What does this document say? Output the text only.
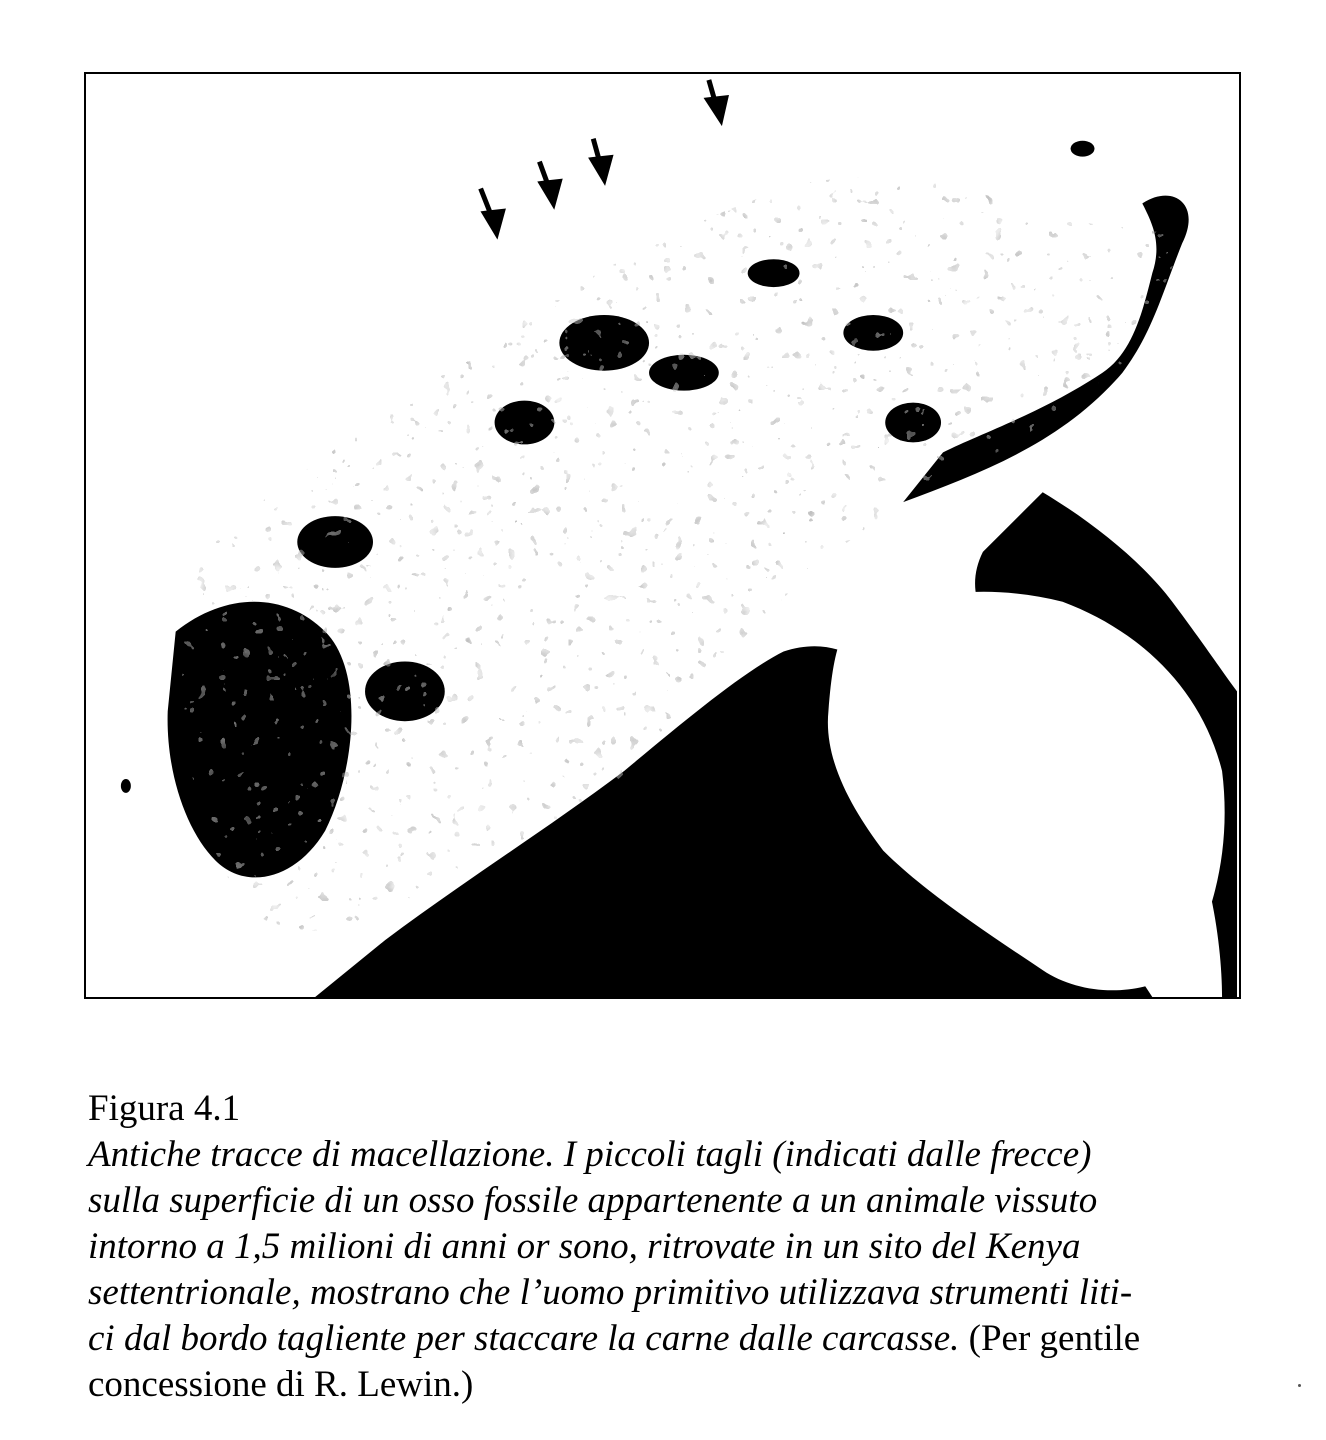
Figura 4.1
Antiche tracce di macellazione. I piccoli tagli (indicati dalle frecce)
sulla superficie di un osso fossile appartenente a un animale vissuto
intorno a 1,5 milioni di anni or sono, ritrovate in un sito del Kenya
settentrionale, mostrano che l’uomo primitivo utilizzava strumenti liti-
ci dal bordo tagliente per staccare la carne dalle carcasse. (Per gentile
concessione di R. Lewin.)
